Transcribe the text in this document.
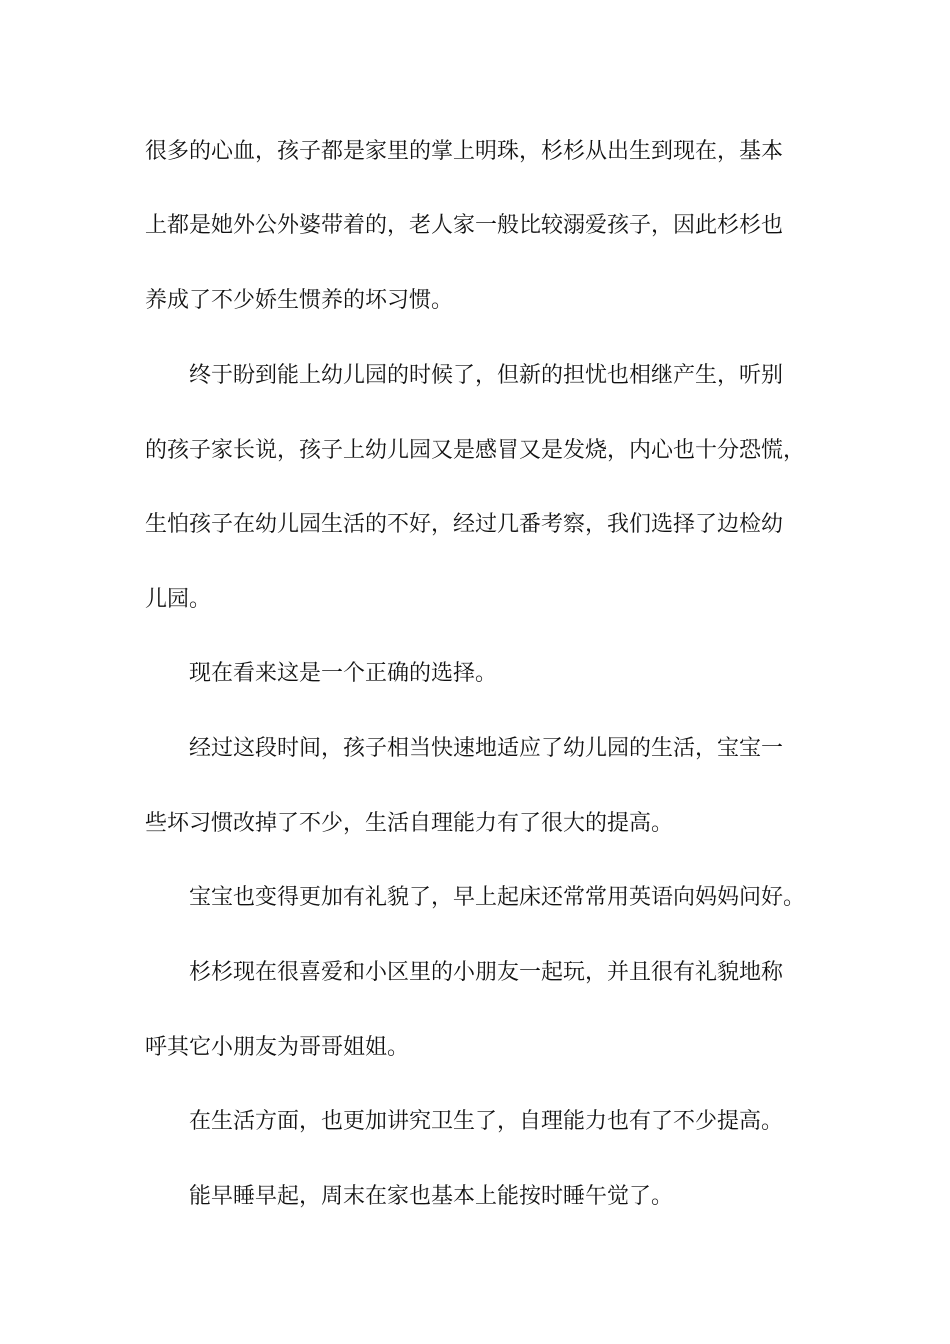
很多的心血，孩子都是家里的掌上明珠，杉杉从出生到现在，基本
上都是她外公外婆带着的，老人家一般比较溺爱孩子，因此杉杉也
养成了不少娇生惯养的坏习惯。
终于盼到能上幼儿园的时候了，但新的担忧也相继产生，听别
的孩子家长说，孩子上幼儿园又是感冒又是发烧，内心也十分恐慌，
生怕孩子在幼儿园生活的不好，经过几番考察，我们选择了边检幼
儿园。
现在看来这是一个正确的选择。
经过这段时间，孩子相当快速地适应了幼儿园的生活，宝宝一
些坏习惯改掉了不少，生活自理能力有了很大的提高。
宝宝也变得更加有礼貌了，早上起床还常常用英语向妈妈问好。
杉杉现在很喜爱和小区里的小朋友一起玩，并且很有礼貌地称
呼其它小朋友为哥哥姐姐。
在生活方面，也更加讲究卫生了，自理能力也有了不少提高。
能早睡早起，周末在家也基本上能按时睡午觉了。
